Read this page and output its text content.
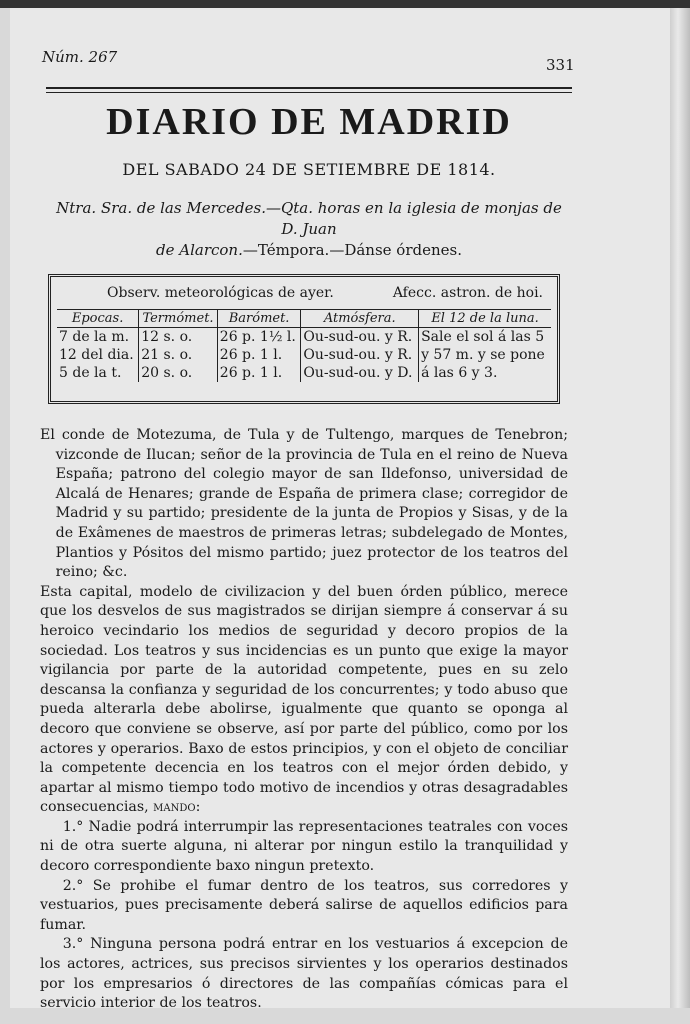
Núm. 267	331
DIARIO DE MADRID
DEL SABADO 24 DE SETIEMBRE DE 1814.
Ntra. Sra. de las Mercedes.—Qta. horas en la iglesia de monjas de D. Juan
de Alarcon.—Témpora.—Dánse órdenes.
Observ. meteorológicas de ayer.	Afecc. astron. de hoi.
Epocas.	Termómet.	Barómet.	Atmósfera.	El 12 de la luna.
7 de la m.	12 s. o.	26 p. 1½ l.	Ou-sud-ou. y R.	Sale el sol á las 5
12 del dia.	21 s. o.	26 p. 1 l.	Ou-sud-ou. y R.	y 57 m. y se pone
5 de la t.	20 s. o.	26 p. 1 l.	Ou-sud-ou. y D.	á las 6 y 3.

El conde de Motezuma, de Tula y de Tultengo, marques de Tenebron; vizconde de Ilucan; señor de la provincia de Tula en el reino de Nueva España; patrono del colegio mayor de san Ildefonso, universidad de Alcalá de Henares; grande de España de primera clase; corregidor de Madrid y su partido; presidente de la junta de Propios y Sisas, y de la de Exâmenes de maestros de primeras letras; subdelegado de Montes, Plantios y Pósitos del mismo partido; juez protector de los teatros del reino; &c.

Esta capital, modelo de civilizacion y del buen órden público, merece que los desvelos de sus magistrados se dirijan siempre á conservar á su heroico vecindario los medios de seguridad y decoro propios de la sociedad. Los teatros y sus incidencias es un punto que exige la mayor vigilancia por parte de la autoridad competente, pues en su zelo descansa la confianza y seguridad de los concurrentes; y todo abuso que pueda alterarla debe abolirse, igualmente que quanto se oponga al decoro que conviene se observe, así por parte del público, como por los actores y operarios. Baxo de estos principios, y con el objeto de conciliar la competente decencia en los teatros con el mejor órden debido, y apartar al mismo tiempo todo motivo de incendios y otras desagradables consecuencias, mando:

1.° Nadie podrá interrumpir las representaciones teatrales con voces ni de otra suerte alguna, ni alterar por ningun estilo la tranquilidad y decoro correspondiente baxo ningun pretexto.

2.° Se prohibe el fumar dentro de los teatros, sus corredores y vestuarios, pues precisamente deberá salirse de aquellos edificios para fumar.

3.° Ninguna persona podrá entrar en los vestuarios á excepcion de los actores, actrices, sus precisos sirvientes y los operarios destinados por los empresarios ó directores de las compañías cómicas para el servicio interior de los teatros.
